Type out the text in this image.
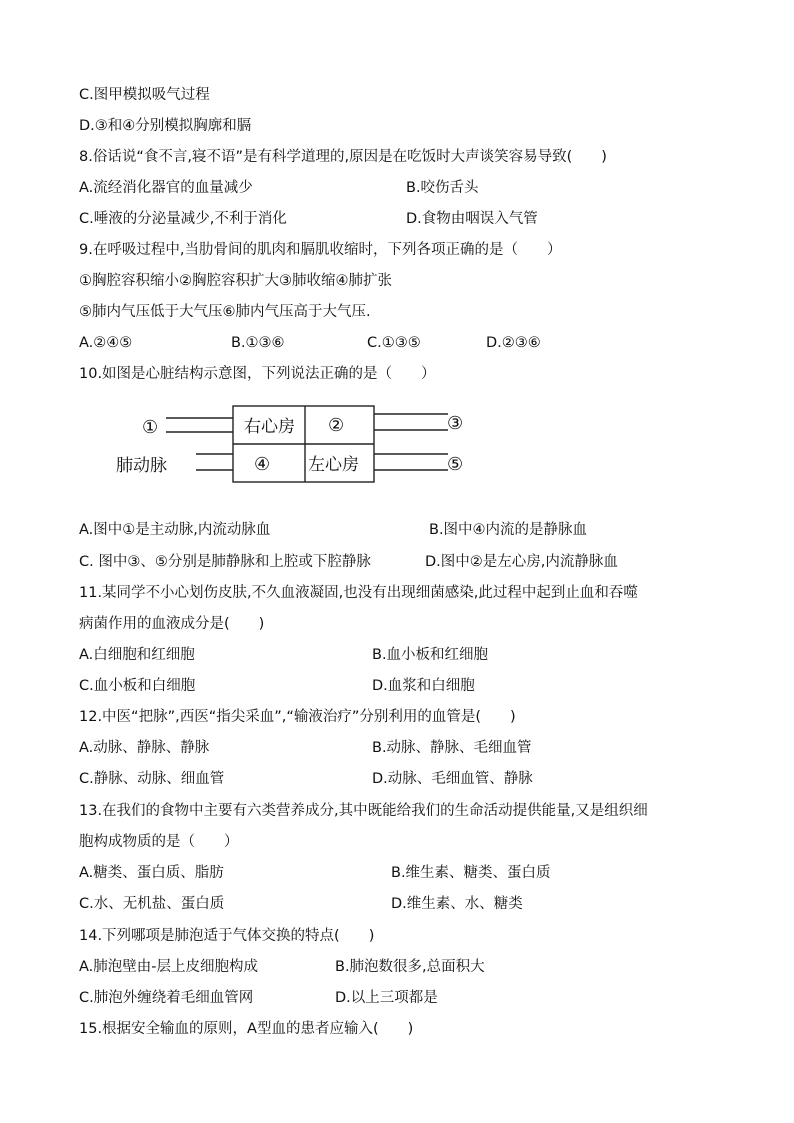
C.图甲模拟吸气过程
D.③和④分别模拟胸廓和膈
8.俗话说“食不言,寝不语”是有科学道理的,原因是在吃饭时大声谈笑容易导致(　　)
A.流经消化器官的血量减少	B.咬伤舌头
C.唾液的分泌量减少,不利于消化	D.食物由咽误入气管
9.在呼吸过程中,当肋骨间的肌肉和膈肌收缩时，下列各项正确的是（　　）
①胸腔容积缩小②胸腔容积扩大③肺收缩④肺扩张
⑤肺内气压低于大气压⑥肺内气压高于大气压.
A.②④⑤	B.①③⑥	C.①③⑤	D.②③⑥
10.如图是心脏结构示意图，下列说法正确的是（　　）
右心房 ②
④ 左心房
①
肺动脉
③
⑤
A.图中①是主动脉,内流动脉血	B.图中④内流的是静脉血
C. 图中③、⑤分别是肺静脉和上腔或下腔静脉	D.图中②是左心房,内流静脉血
11.某同学不小心划伤皮肤,不久血液凝固,也没有出现细菌感染,此过程中起到止血和吞噬
病菌作用的血液成分是(　　)
A.白细胞和红细胞	B.血小板和红细胞
C.血小板和白细胞	D.血浆和白细胞
12.中医“把脉”,西医“指尖采血”,“输液治疗”分别利用的血管是(　　)
A.动脉、静脉、静脉	B.动脉、静脉、毛细血管
C.静脉、动脉、细血管	D.动脉、毛细血管、静脉
13.在我们的食物中主要有六类营养成分,其中既能给我们的生命活动提供能量,又是组织细
胞构成物质的是（　　）
A.糖类、蛋白质、脂肪	B.维生素、糖类、蛋白质
C.水、无机盐、蛋白质	D.维生素、水、糖类
14.下列哪项是肺泡适于气体交换的特点(　　)
A.肺泡壁由-层上皮细胞构成	B.肺泡数很多,总面积大
C.肺泡外缠绕着毛细血管网	D.以上三项都是
15.根据安全输血的原则，A型血的患者应输入(　　)
